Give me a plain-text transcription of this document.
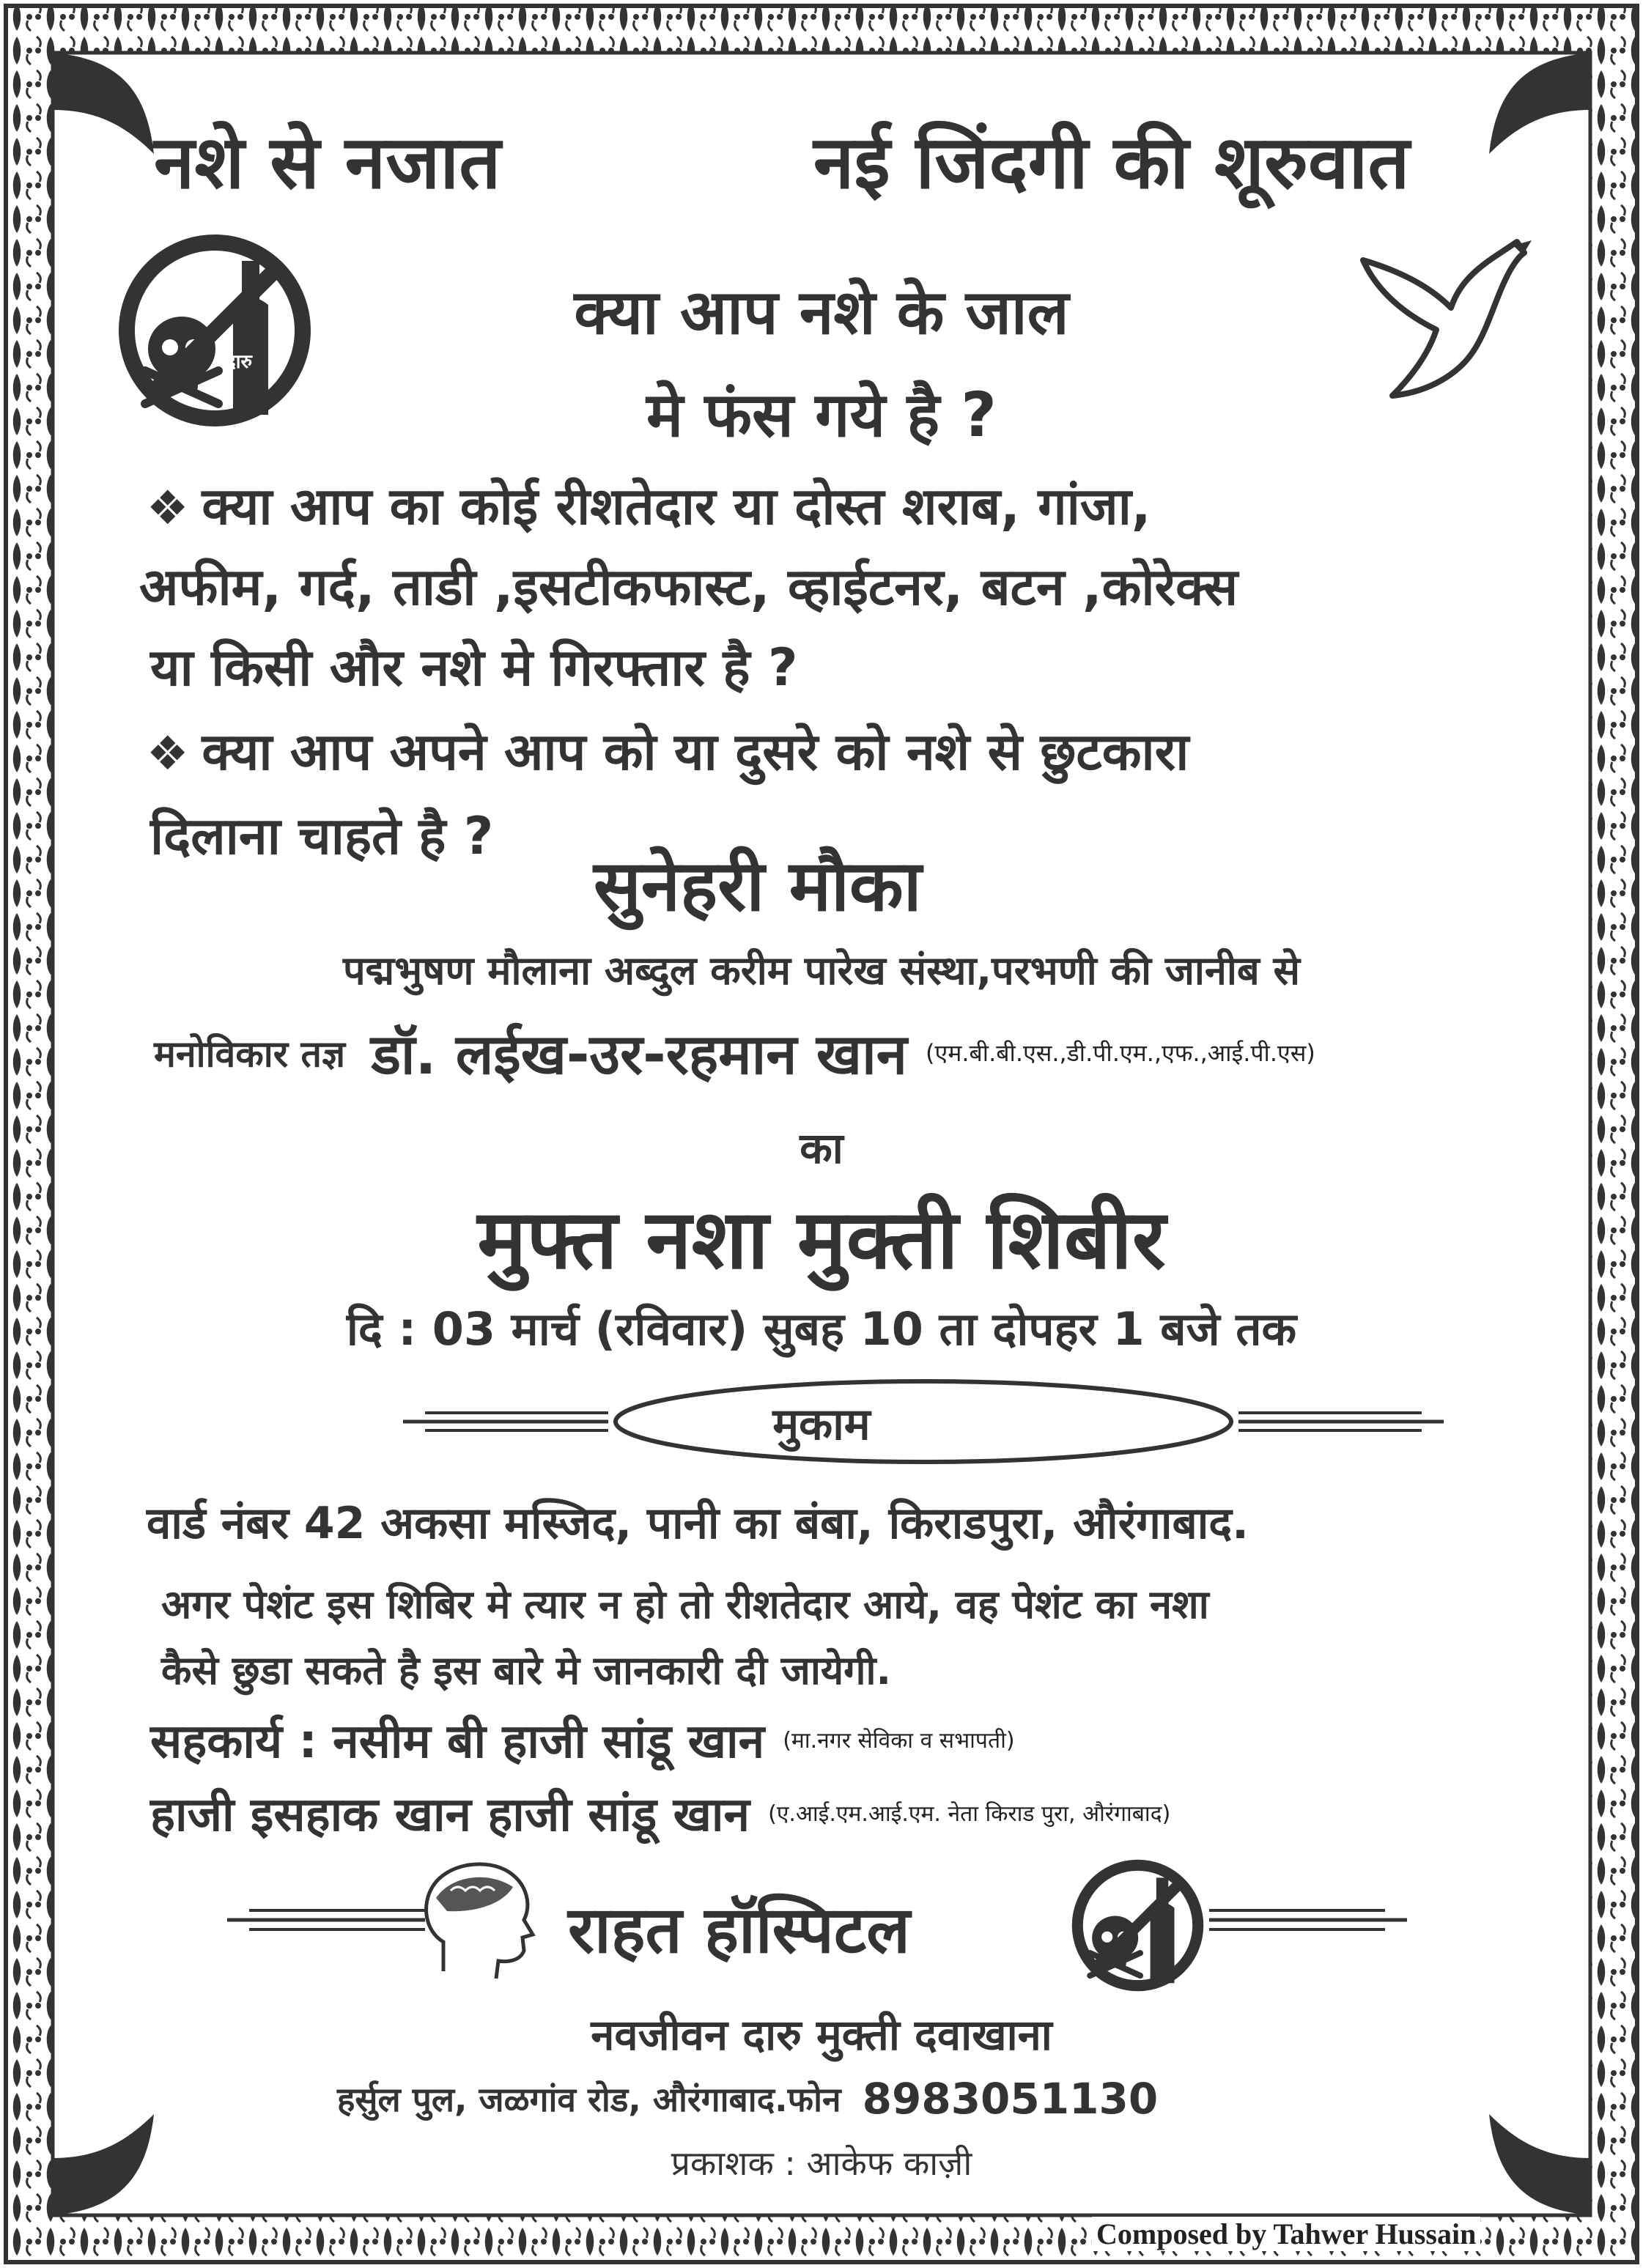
नशे से नजात	नई जिंदगी की शूरुवात
दारु
क्या आप नशे के जाल
मे फंस गये है ?
❖ क्या आप का कोई रीशतेदार या दोस्त शराब, गांजा,
अफीम, गर्द, ताडी ,इसटीकफास्ट, व्हाईटनर, बटन ,कोरेक्स
या किसी और नशे मे गिरफ्तार है ?
❖ क्या आप अपने आप को या दुसरे को नशे से छुटकारा
दिलाना चाहते है ?
सुनेहरी मौका
पद्मभुषण मौलाना अब्दुल करीम पारेख संस्था,परभणी की जानीब से
मनोविकार तज्ञ डॉ. लईख-उर-रहमान खान (एम.बी.बी.एस.,डी.पी.एम.,एफ.,आई.पी.एस)
का
मुफ्त नशा मुक्ती शिबीर
दि : 03 मार्च (रविवार) सुबह 10 ता दोपहर 1 बजे तक
मुकाम
वार्ड नंबर 42 अकसा मस्जिद, पानी का बंबा, किराडपुरा, औरंगाबाद.
अगर पेशंट इस शिबिर मे त्यार न हो तो रीशतेदार आये, वह पेशंट का नशा
कैसे छुडा सकते है इस बारे मे जानकारी दी जायेगी.
सहकार्य : नसीम बी हाजी सांडू खान (मा.नगर सेविका व सभापती)
हाजी इसहाक खान हाजी सांडू खान (ए.आई.एम.आई.एम. नेता किराड पुरा, औरंगाबाद)
राहत हॉस्पिटल
नवजीवन दारु मुक्ती दवाखाना
हर्सुल पुल, जळगांव रोड, औरंगाबाद.फोन 8983051130
प्रकाशक : आकेफ काज़ी
Composed by Tahwer Hussain
